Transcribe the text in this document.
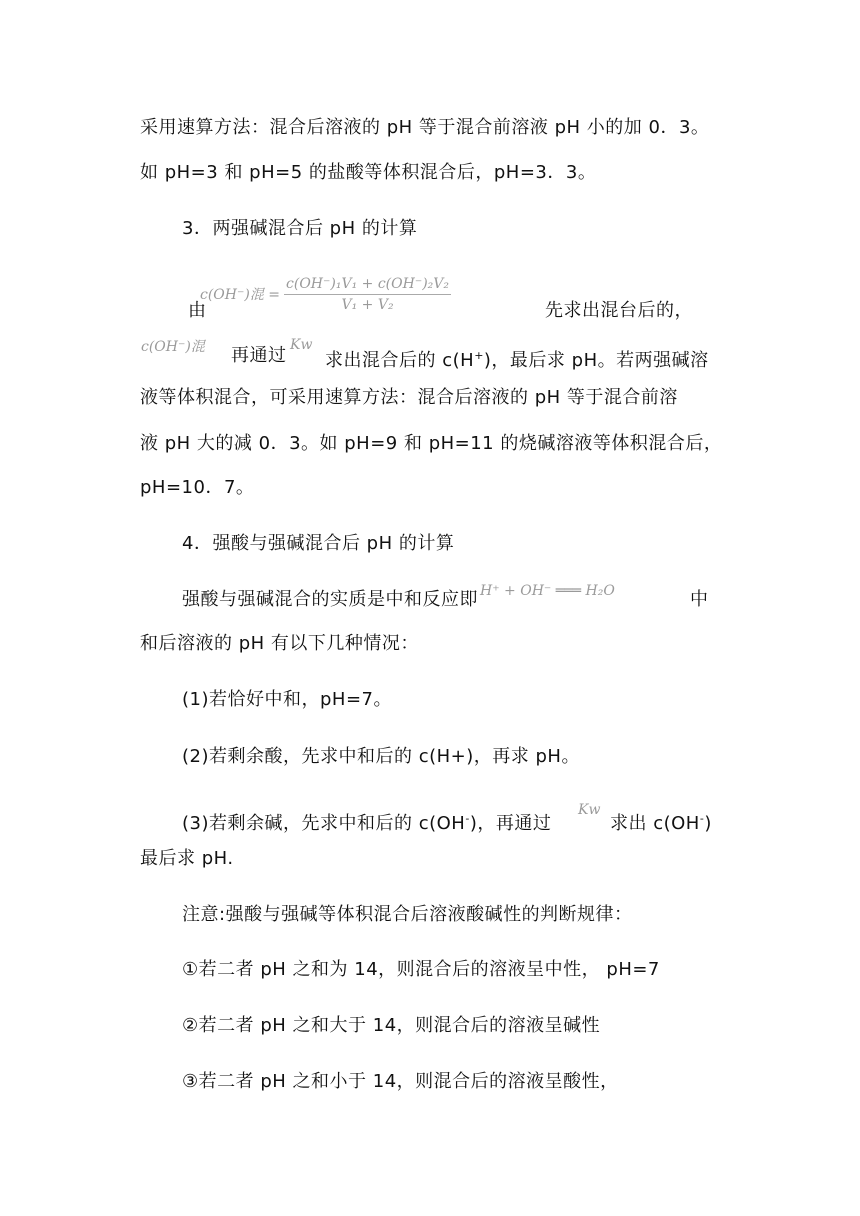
采用速算方法：混合后溶液的 pH 等于混合前溶液 pH 小的加 0．3。
如 pH=3 和 pH=5 的盐酸等体积混合后，pH=3．3。
3．两强碱混合后 pH 的计算
由
c(OH⁻)混 = $\frac{\text{c(OH⁻)₁V₁ + c(OH⁻)₂V₂}}{\text{V₁ + V₂}}$	先求出混台后的，
c(OH⁻)混 再通过 Kw
求出混合后的 c(H+)，最后求 pH。若两强碱溶
液等体积混合，可采用速算方法：混合后溶液的 pH 等于混合前溶
液 pH 大的减 0．3。如 pH=9 和 pH=11 的烧碱溶液等体积混合后，
pH=10．7。
4．强酸与强碱混合后 pH 的计算
强酸与强碱混合的实质是中和反应即 H⁺ + OH⁻ ═══ H₂O	中
和后溶液的 pH 有以下几种情况：
(1)若恰好中和，pH=7。
(2)若剩余酸，先求中和后的 c(H+)，再求 pH。
(3)若剩余碱，先求中和后的 c(OH-)，再通过
Kw
求出 c(OH-)
最后求 pH.
注意:强酸与强碱等体积混合后溶液酸碱性的判断规律：
①若二者 pH 之和为 14，则混合后的溶液呈中性， pH=7
②若二者 pH 之和大于 14，则混合后的溶液呈碱性
③若二者 pH 之和小于 14，则混合后的溶液呈酸性，
